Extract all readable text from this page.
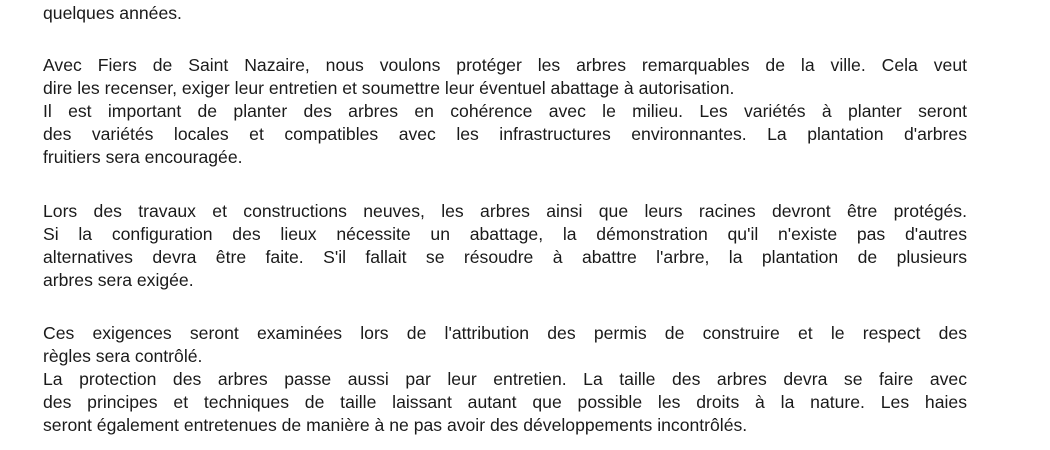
quelques années.

Avec Fiers de Saint Nazaire, nous voulons protéger les arbres remarquables de la ville. Cela veut

dire les recenser, exiger leur entretien et soumettre leur éventuel abattage à autorisation.

Il est important de planter des arbres en cohérence avec le milieu. Les variétés à planter seront

des variétés locales et compatibles avec les infrastructures environnantes. La plantation d'arbres

fruitiers sera encouragée.

Lors des travaux et constructions neuves, les arbres ainsi que leurs racines devront être protégés.

Si la configuration des lieux nécessite un abattage, la démonstration qu'il n'existe pas d'autres

alternatives devra être faite. S'il fallait se résoudre à abattre l'arbre, la plantation de plusieurs

arbres sera exigée.

Ces exigences seront examinées lors de l'attribution des permis de construire et le respect des

règles sera contrôlé.

La protection des arbres passe aussi par leur entretien. La taille des arbres devra se faire avec

des principes et techniques de taille laissant autant que possible les droits à la nature. Les haies

seront également entretenues de manière à ne pas avoir des développements incontrôlés.
